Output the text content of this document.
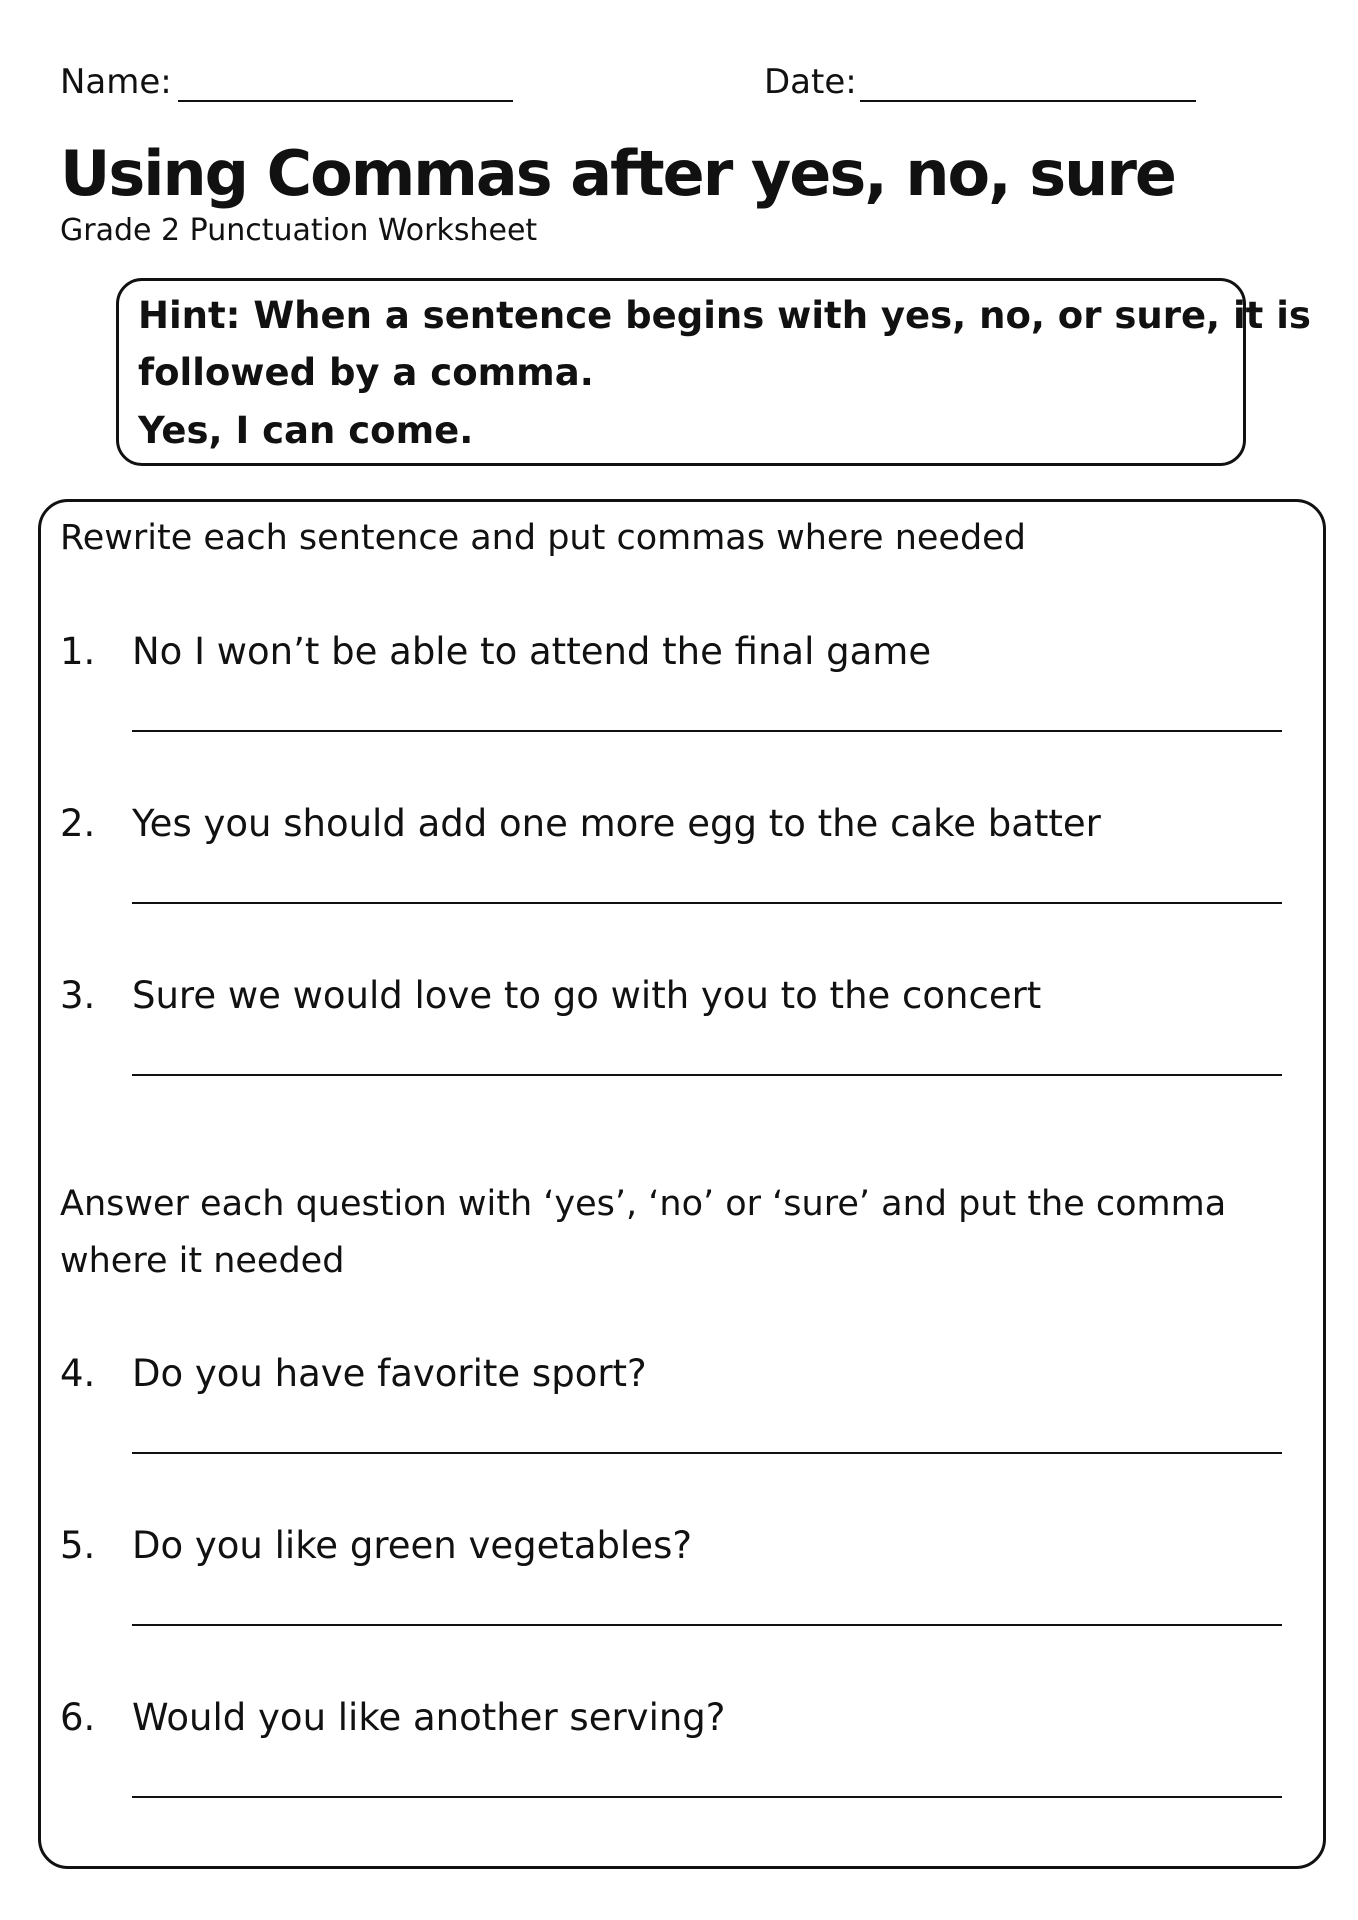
Name:	Date:
Using Commas after yes, no, sure
Grade 2 Punctuation Worksheet
Hint: When a sentence begins with yes, no, or sure, it is
followed by a comma.
Yes, I can come.
Rewrite each sentence and put commas where needed
1. No I won’t be able to attend the final game
2. Yes you should add one more egg to the cake batter
3. Sure we would love to go with you to the concert
Answer each question with ‘yes’, ‘no’ or ‘sure’ and put the comma
where it needed
4. Do you have favorite sport?
5. Do you like green vegetables?
6. Would you like another serving?
